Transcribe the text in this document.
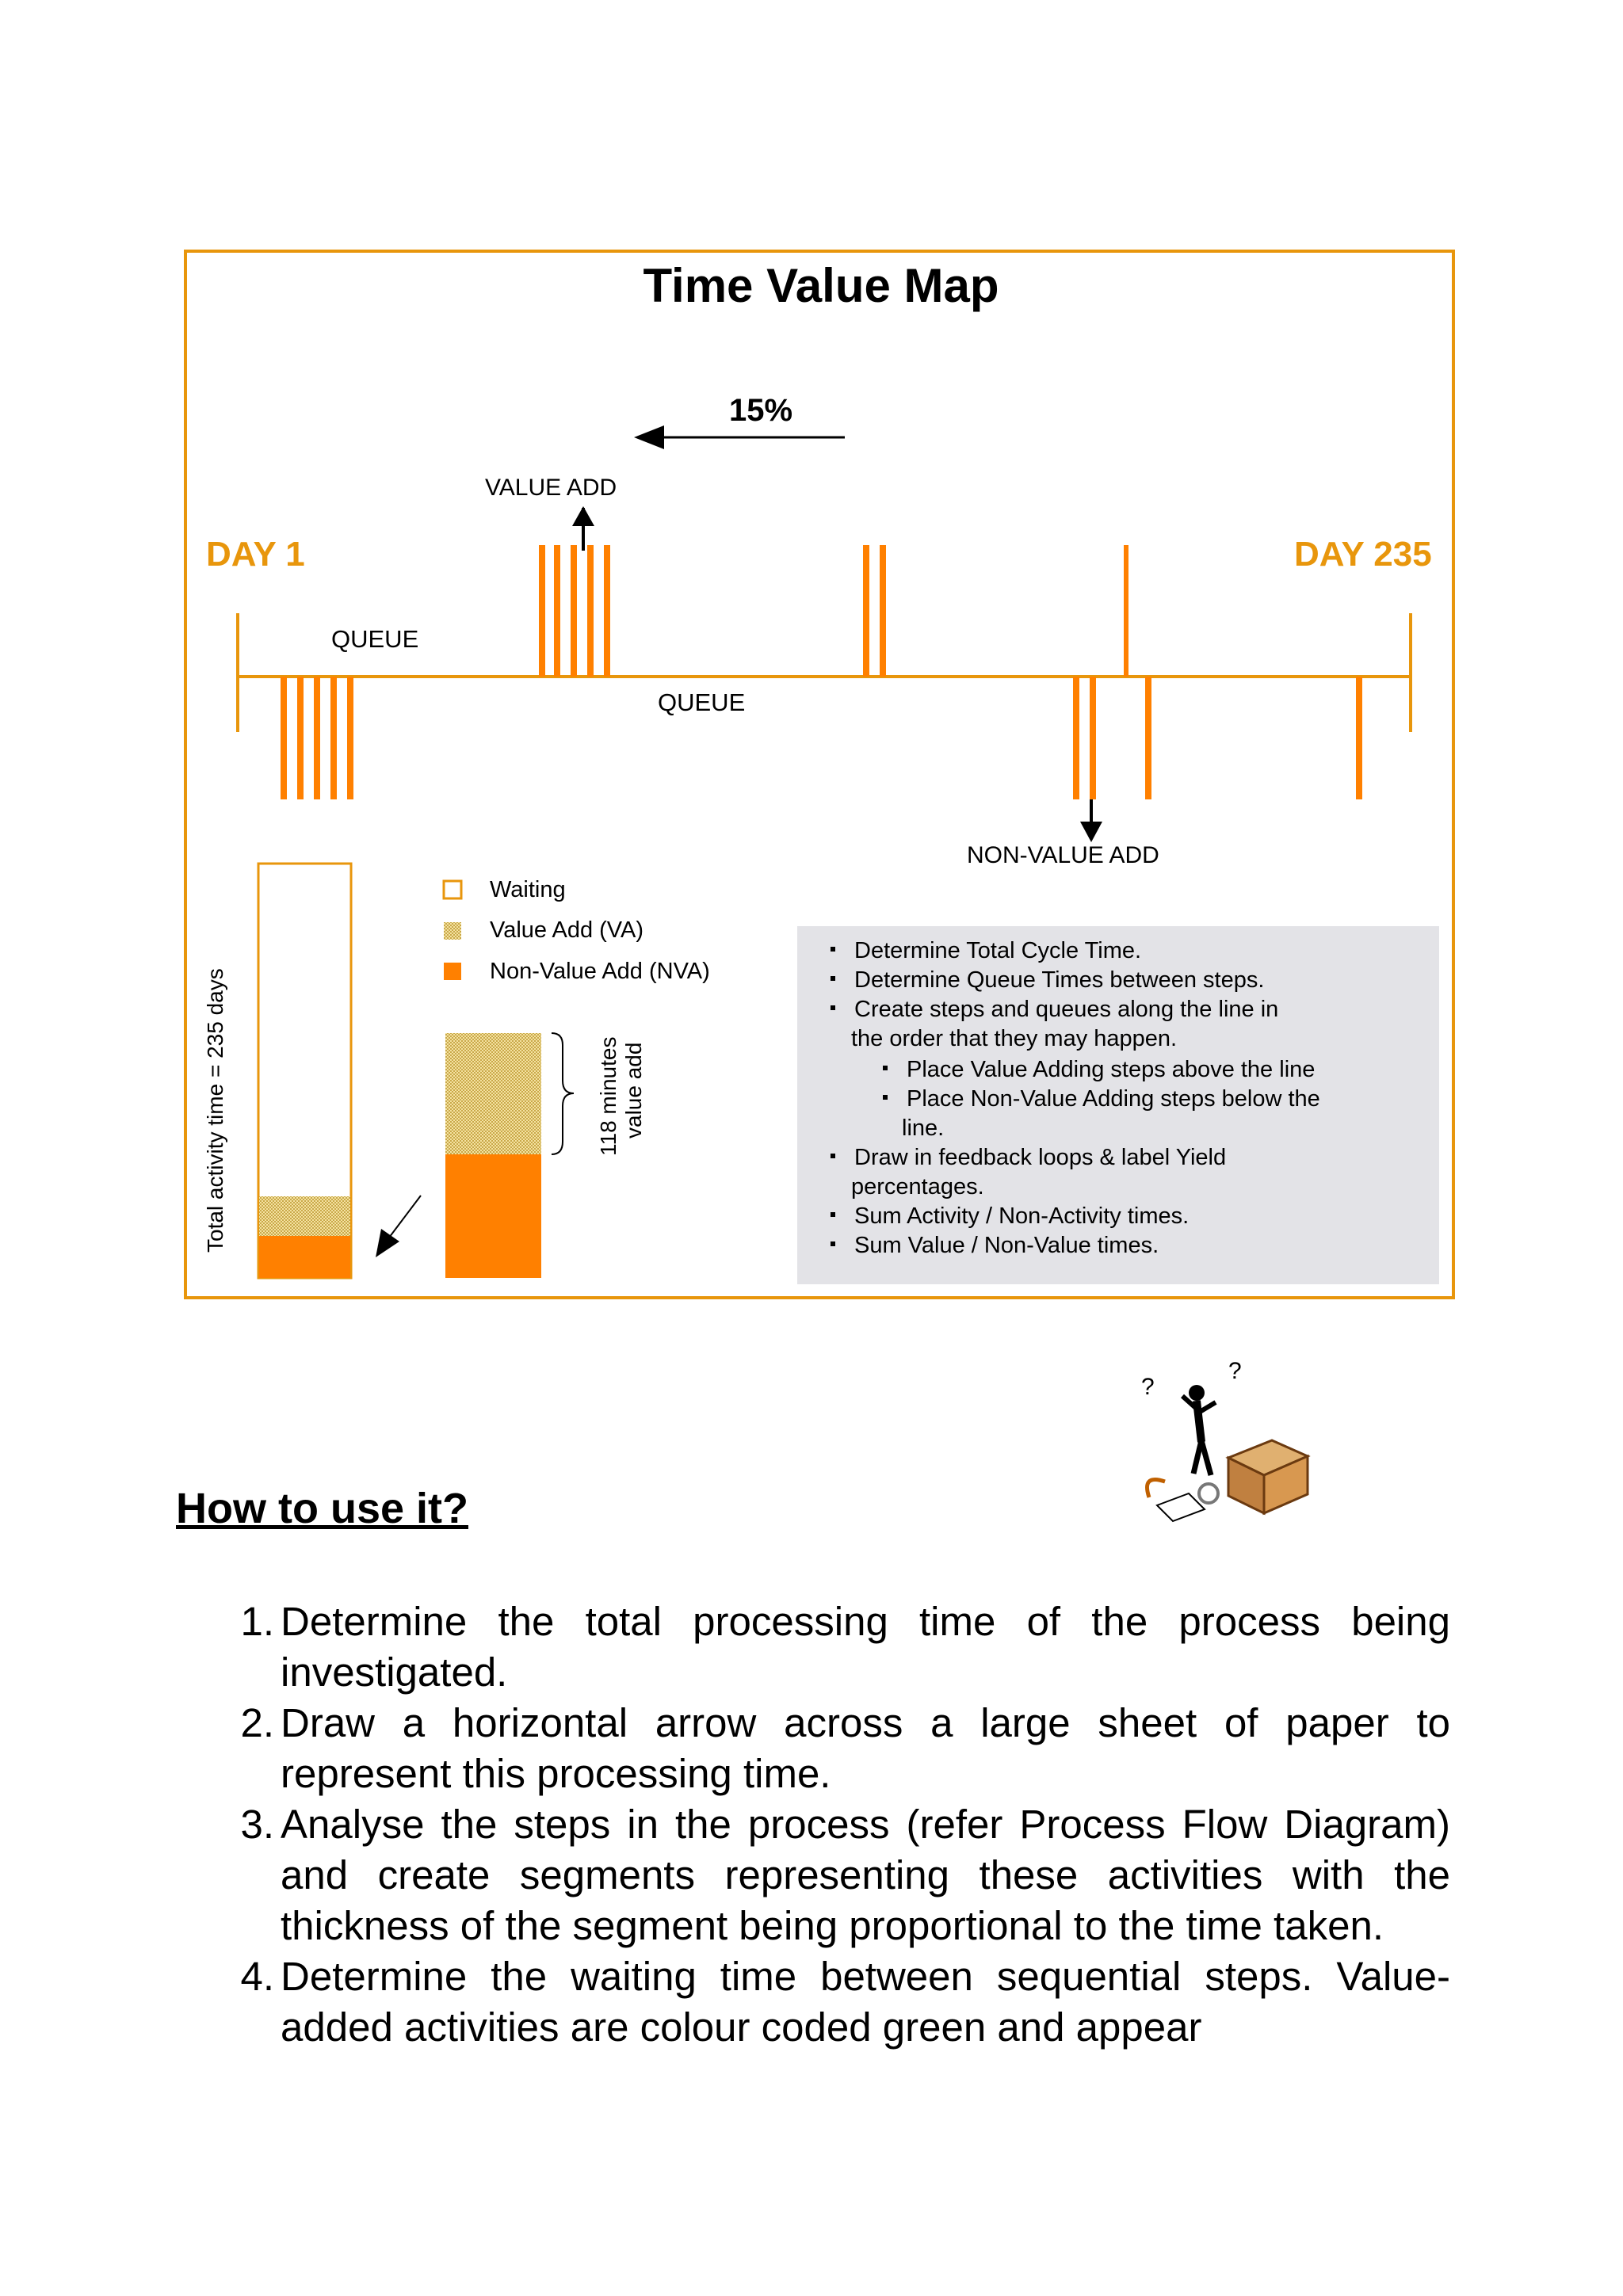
Time Value Map
15%
VALUE ADD
DAY 1	DAY 235
QUEUE
QUEUE
NON-VALUE ADD
Total activity time = 235 days
Waiting
Value Add (VA)
Non-Value Add (NVA)
118 minutes value add
Determine Total Cycle Time.
Determine Queue Times between steps.
Create steps and queues along the line in
the order that they may happen.
Place Value Adding steps above the line
Place Non-Value Adding steps below the
line.
Draw in feedback loops & label Yield
percentages.
Sum Activity / Non-Activity times.
Sum Value / Non-Value times.
?
?
How to use it?
1. Determine the total processing time of the process being investigated.
2. Draw a horizontal arrow across a large sheet of paper to represent this processing time.
3. Analyse the steps in the process (refer Process Flow Diagram) and create segments representing these activities with the thickness of the segment being proportional to the time taken.
4. Determine the waiting time between sequential steps. Value-added activities are colour coded green and appear
